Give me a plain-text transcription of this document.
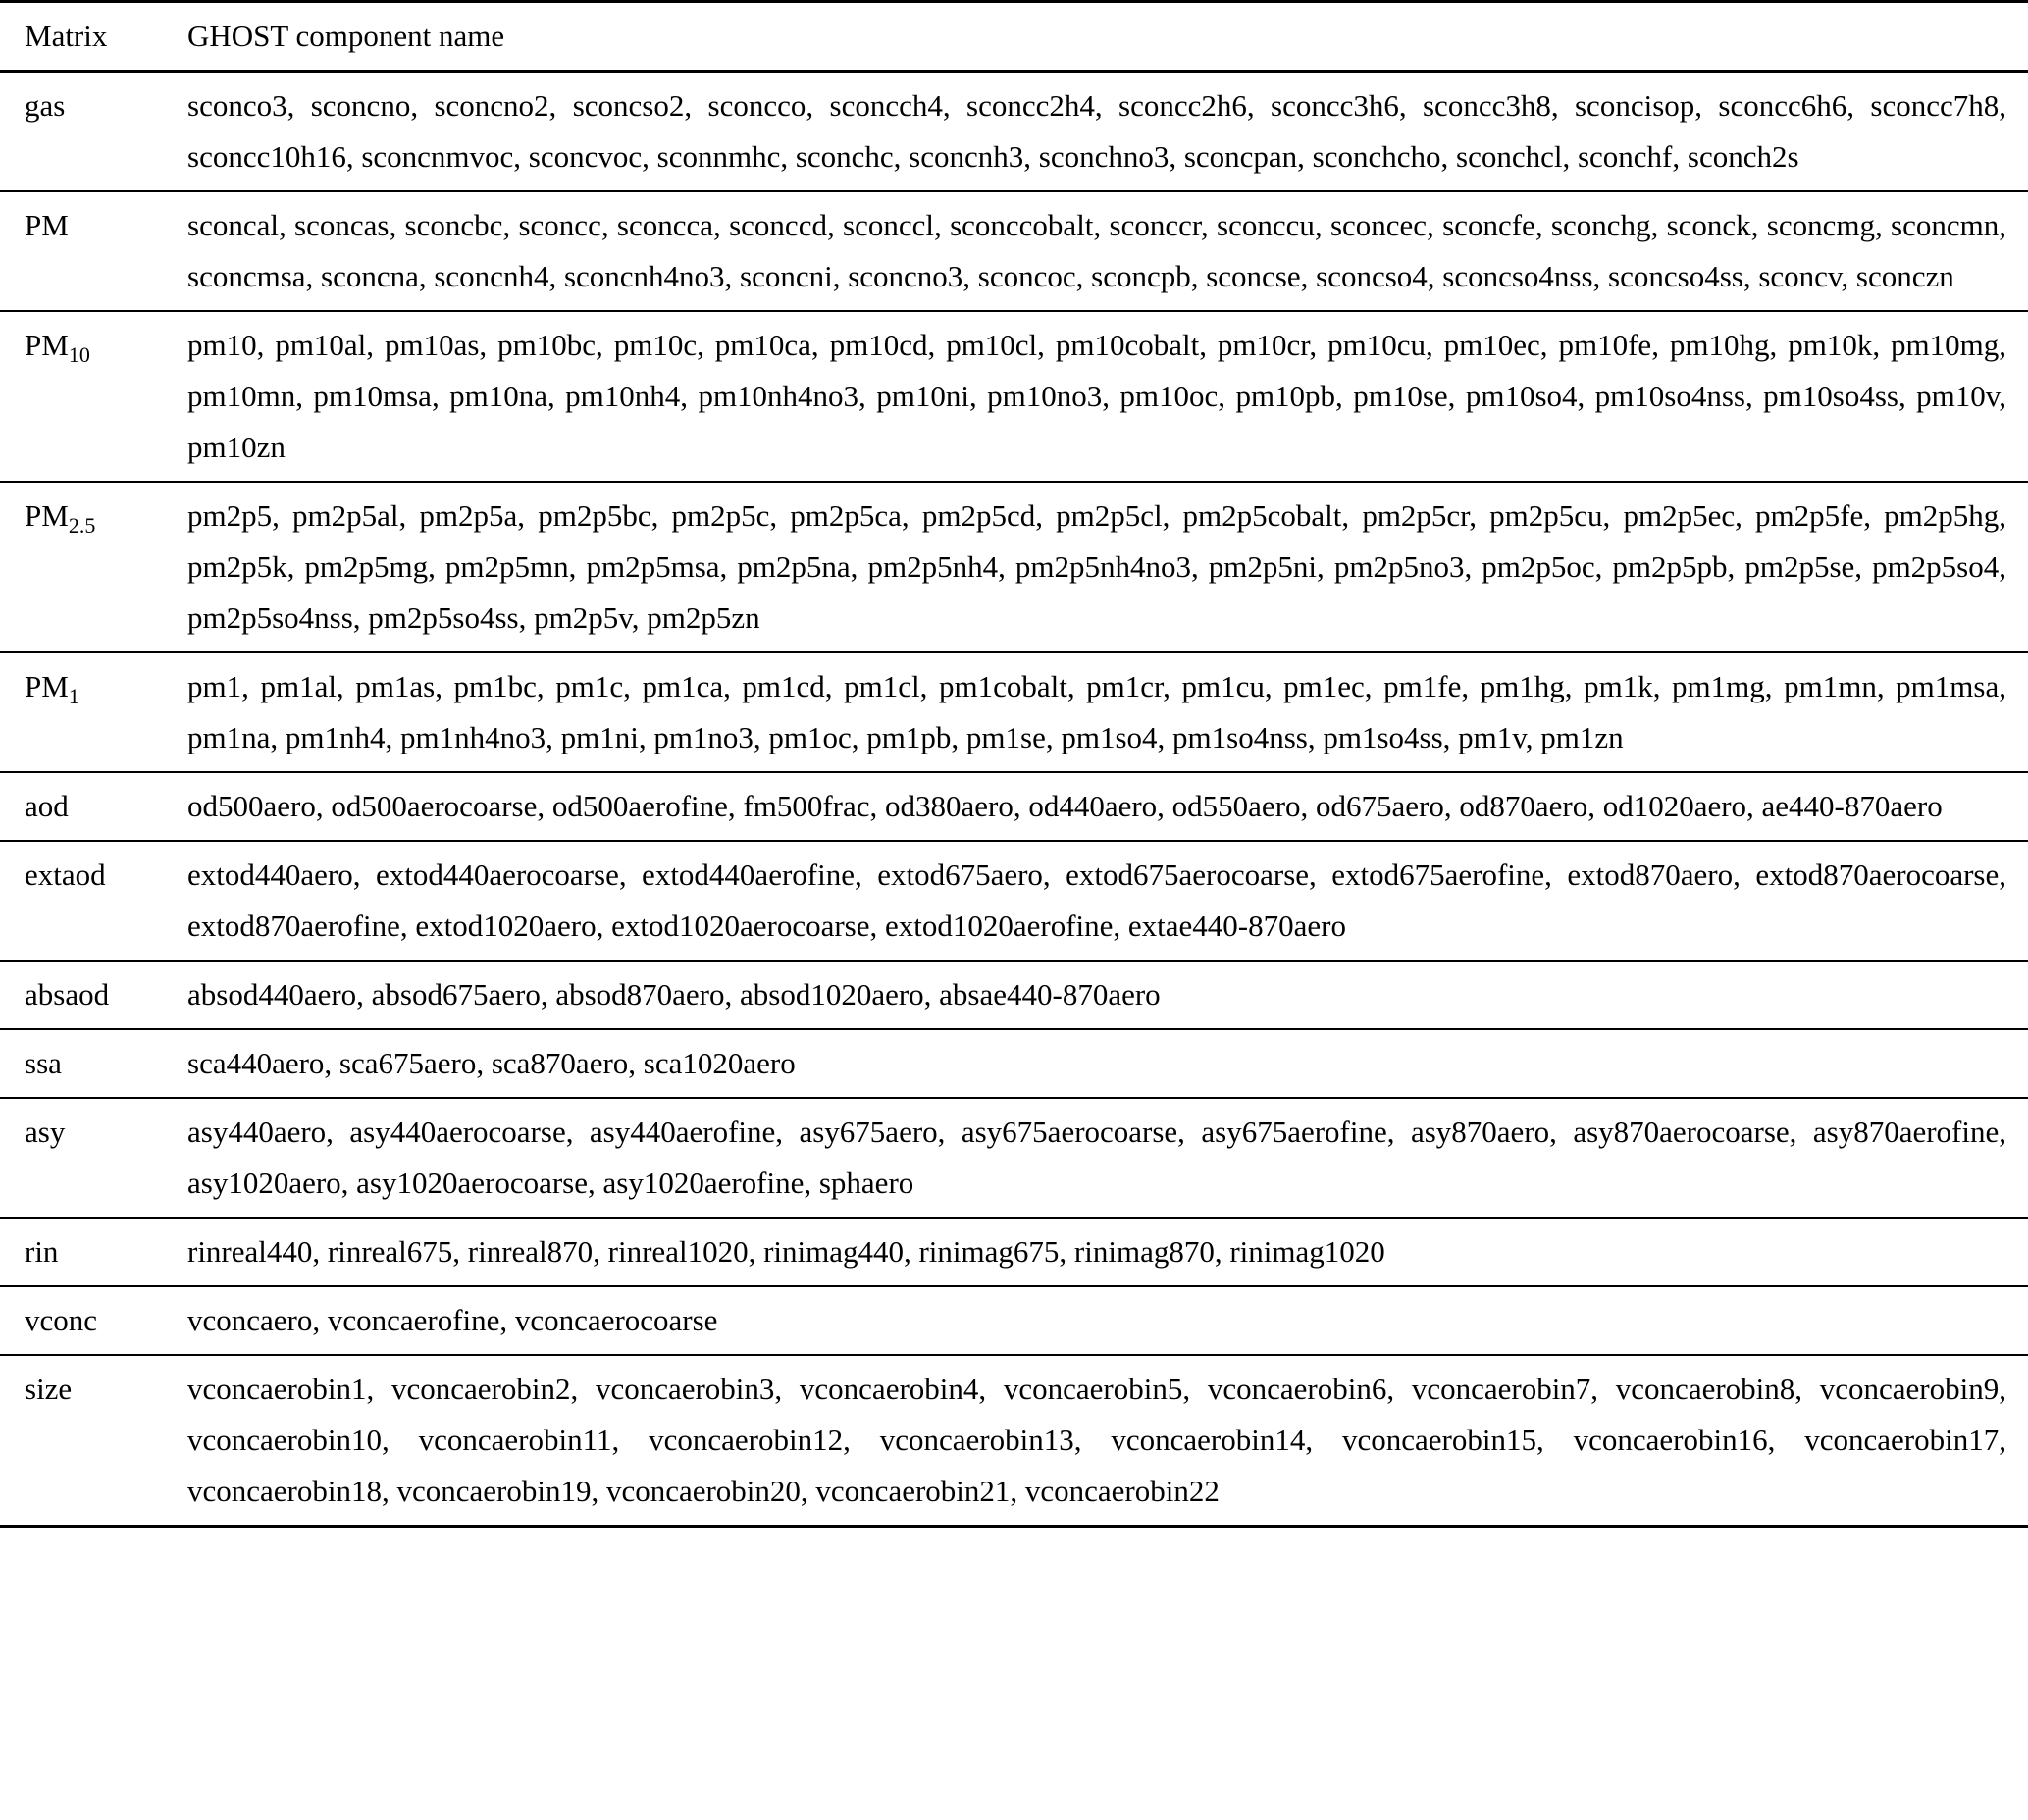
Matrix	GHOST component name
gas	sconco3, sconcno, sconcno2, sconcso2, sconcco, sconcch4, sconcc2h4, sconcc2h6, sconcc3h6, sconcc3h8, sconcisop, sconcc6h6, sconcc7h8, sconcc10h16, sconcnmvoc, sconcvoc, sconnmhc, sconchc, sconcnh3, sconchno3, sconcpan, sconchcho, sconchcl, sconchf, sconch2s
PM	sconcal, sconcas, sconcbc, sconcc, sconcca, sconccd, sconccl, sconccobalt, sconccr, sconccu, sconcec, sconcfe, sconchg, sconck, sconcmg, sconcmn, sconcmsa, sconcna, sconcnh4, sconcnh4no3, sconcni, sconcno3, sconcoc, sconcpb, sconcse, sconcso4, sconcso4nss, sconcso4ss, sconcv, sconczn
$PM_{10}$	pm10, pm10al, pm10as, pm10bc, pm10c, pm10ca, pm10cd, pm10cl, pm10cobalt, pm10cr, pm10cu, pm10ec, pm10fe, pm10hg, pm10k, pm10mg, pm10mn, pm10msa, pm10na, pm10nh4, pm10nh4no3, pm10ni, pm10no3, pm10oc, pm10pb, pm10se, pm10so4, pm10so4nss, pm10so4ss, pm10v, pm10zn
$PM_{2.5}$	pm2p5, pm2p5al, pm2p5a, pm2p5bc, pm2p5c, pm2p5ca, pm2p5cd, pm2p5cl, pm2p5cobalt, pm2p5cr, pm2p5cu, pm2p5ec, pm2p5fe, pm2p5hg, pm2p5k, pm2p5mg, pm2p5mn, pm2p5msa, pm2p5na, pm2p5nh4, pm2p5nh4no3, pm2p5ni, pm2p5no3, pm2p5oc, pm2p5pb, pm2p5se, pm2p5so4, pm2p5so4nss, pm2p5so4ss, pm2p5v, pm2p5zn
$PM_1$	pm1, pm1al, pm1as, pm1bc, pm1c, pm1ca, pm1cd, pm1cl, pm1cobalt, pm1cr, pm1cu, pm1ec, pm1fe, pm1hg, pm1k, pm1mg, pm1mn, pm1msa, pm1na, pm1nh4, pm1nh4no3, pm1ni, pm1no3, pm1oc, pm1pb, pm1se, pm1so4, pm1so4nss, pm1so4ss, pm1v, pm1zn
aod	od500aero, od500aerocoarse, od500aerofine, fm500frac, od380aero, od440aero, od550aero, od675aero, od870aero, od1020aero, ae440-870aero
extaod	extod440aero, extod440aerocoarse, extod440aerofine, extod675aero, extod675aerocoarse, extod675aerofine, extod870aero, extod870aerocoarse, extod870aerofine, extod1020aero, extod1020aerocoarse, extod1020aerofine, extae440-870aero
absaod	absod440aero, absod675aero, absod870aero, absod1020aero, absae440-870aero
ssa	sca440aero, sca675aero, sca870aero, sca1020aero
asy	asy440aero, asy440aerocoarse, asy440aerofine, asy675aero, asy675aerocoarse, asy675aerofine, asy870aero, asy870aerocoarse, asy870aerofine, asy1020aero, asy1020aerocoarse, asy1020aerofine, sphaero
rin	rinreal440, rinreal675, rinreal870, rinreal1020, rinimag440, rinimag675, rinimag870, rinimag1020
vconc	vconcaero, vconcaerofine, vconcaerocoarse
size	vconcaerobin1, vconcaerobin2, vconcaerobin3, vconcaerobin4, vconcaerobin5, vconcaerobin6, vconcaerobin7, vconcaerobin8, vconcaerobin9, vconcaerobin10, vconcaerobin11, vconcaerobin12, vconcaerobin13, vconcaerobin14, vconcaerobin15, vconcaerobin16, vconcaerobin17, vconcaerobin18, vconcaerobin19, vconcaerobin20, vconcaerobin21, vconcaerobin22
